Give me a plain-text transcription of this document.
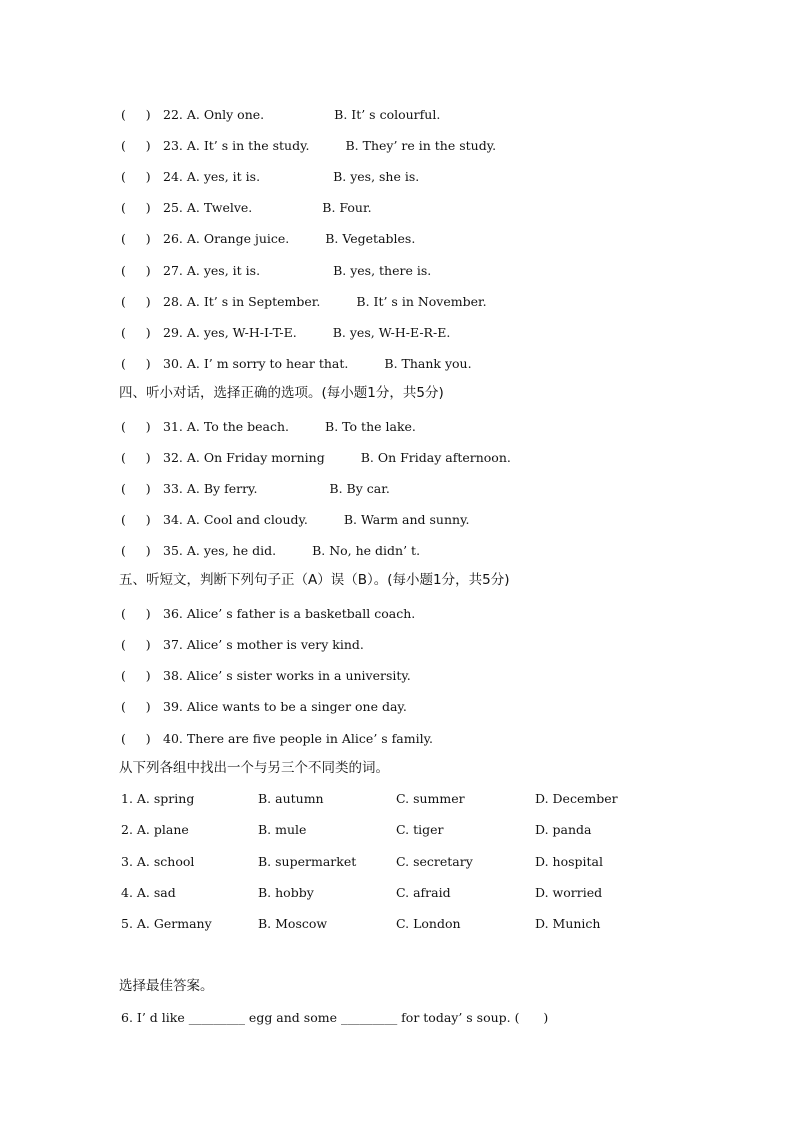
(     ) 22. A. Only one.	B. It’ s colourful.
(     ) 23. A. It’ s in the study.	B. They’ re in the study.
(     ) 24. A. yes, it is.	B. yes, she is.
(     ) 25. A. Twelve.	B. Four.
(     ) 26. A. Orange juice.	B. Vegetables.
(     ) 27. A. yes, it is.	B. yes, there is.
(     ) 28. A. It’ s in September.	B. It’ s in November.
(     ) 29. A. yes, W-H-I-T-E.	B. yes, W-H-E-R-E.
(     ) 30. A. I’ m sorry to hear that.	B. Thank you.
四、听小对话，选择正确的选项。(每小题1分，共5分)
(     ) 31. A. To the beach.	B. To the lake.
(     ) 32. A. On Friday morning	B. On Friday afternoon.
(     ) 33. A. By ferry.	B. By car.
(     ) 34. A. Cool and cloudy.	B. Warm and sunny.
(     ) 35. A. yes, he did.	B. No, he didn’ t.
五、听短文，判断下列句子正（A）误（B）。(每小题1分，共5分)
(     ) 36. Alice’ s father is a basketball coach.
(     ) 37. Alice’ s mother is very kind.
(     ) 38. Alice’ s sister works in a university.
(     ) 39. Alice wants to be a singer one day.
(     ) 40. There are five people in Alice’ s family.
从下列各组中找出一个与另三个不同类的词。
1. A. spring	B. autumn	C. summer	D. December
2. A. plane	B. mule	C. tiger	D. panda
3. A. school	B. supermarket	C. secretary	D. hospital
4. A. sad	B. hobby	C. afraid	D. worried
5. A. Germany	B. Moscow	C. London	D. Munich
选择最佳答案。
6. I’ d like _________ egg and some _________ for today’ s soup. (      )
